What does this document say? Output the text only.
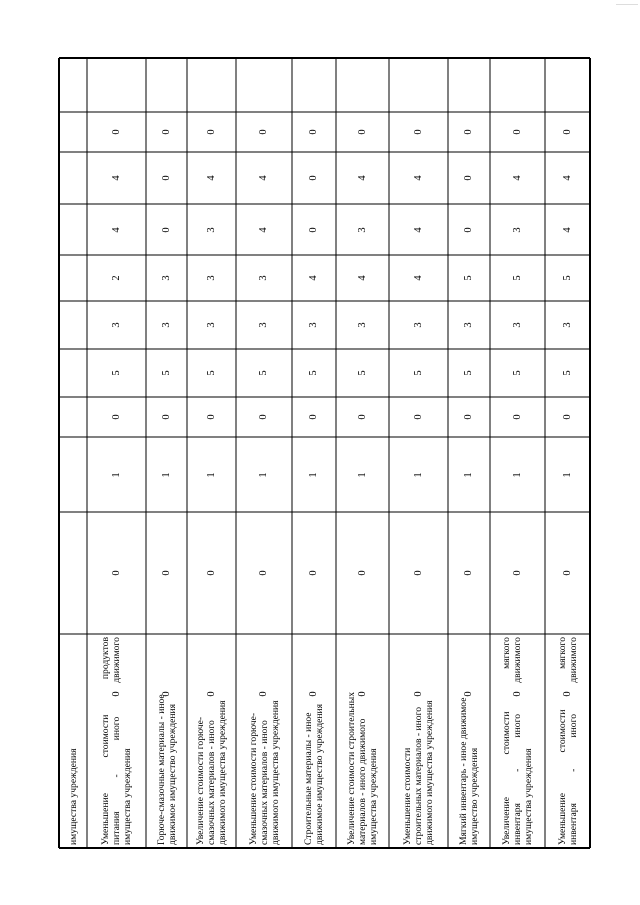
имущества учреждения Уменьшение
стоимости
продуктов
питания
-
иного
движимого
имущества учреждения
0
0
1
0
5
3
2
4
4
0
Горюче-смазочные материалы - иное движимое имущество учреждения
0
0
1
0
5
3
3
0
0
0
Увеличение стоимости горюче- смазочных материалов - иного движимого имущества учреждения
0
0
1
0
5
3
3
3
4
0
Уменьшение стоимости горюче- смазочных материалов - иного движимого имущества учреждения
0
0
1
0
5
3
3
4
4
0
Строительные материалы - иное движимое имущество учреждения
0
0
1
0
5
3
4
0
0
0
Увеличение стоимости строительных материалов - иного движимого имущества учреждения
0
0
1
0
5
3
4
3
4
0
Уменьшение стоимости строительных материалов - иного движимого имущества учреждения
0
0
1
0
5
3
4
4
4
0
Мягкий инвентарь - иное движимое имущество учреждения
0
0
1
0
5
3
5
0
0
0
Увеличение
стоимости
мягкого
инвентаря
-
иного
движимого
имущества учреждения
0
0
1
0
5
3
5
3
4
0
Уменьшение
стоимости
мягкого
инвентаря
-
иного
движимого
0
0
1
0
5
3
5
4
4
0
